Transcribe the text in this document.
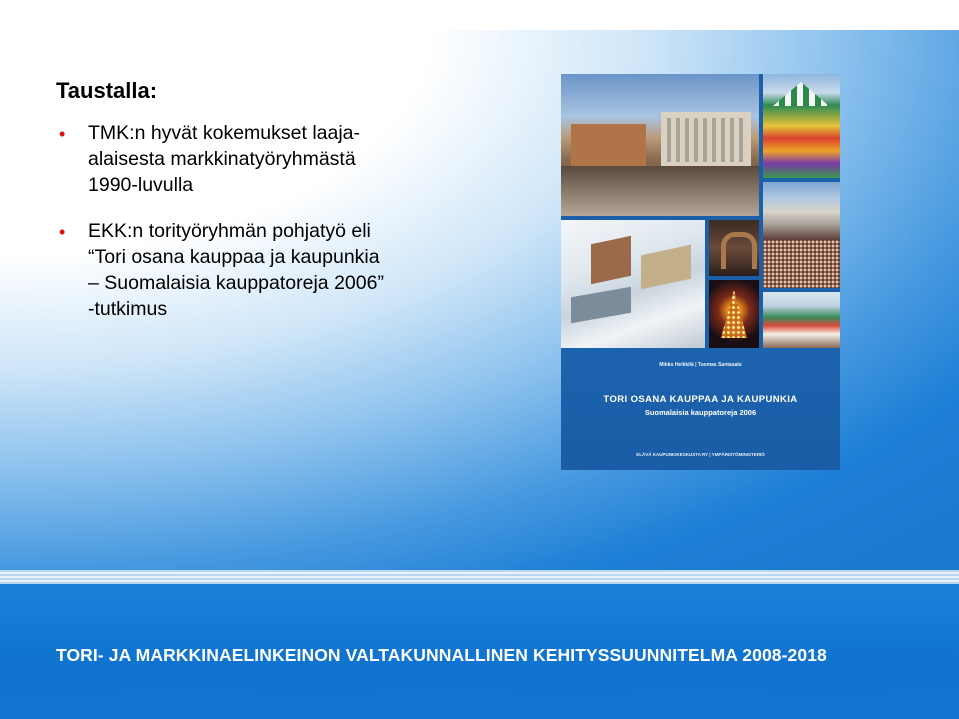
Taustalla:
•
TMK:n hyvät kokemukset laaja-
alaisesta markkinatyöryhmästä
1990-luvulla
•
EKK:n torityöryhmän pohjatyö eli
“Tori osana kauppaa ja kaupunkia
– Suomalaisia kauppatoreja 2006”
-tutkimus
Mikko Heikkilä | Tuomas Santasalo
TORI OSANA KAUPPAA JA KAUPUNKIA
Suomalaisia kauppatoreja 2006
ELÄVÄ KAUPUNKIKESKUSTA RY | YMPÄRISTÖMINISTERIÖ
TORI- JA MARKKINAELINKEINON VALTAKUNNALLINEN KEHITYSSUUNNITELMA 2008-2018
